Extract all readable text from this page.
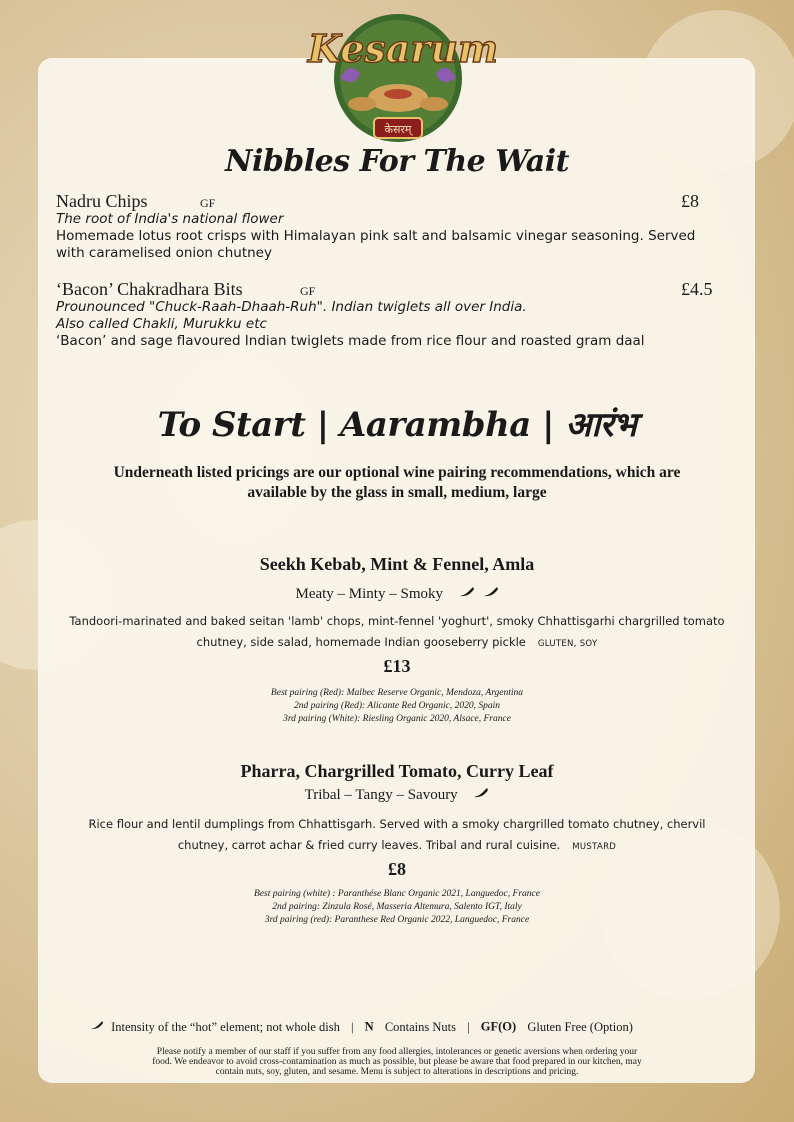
Kesarum
केसरम्
Nibbles For The Wait
Nadru Chips	GF	£8
The root of India's national flower
Homemade lotus root crisps with Himalayan pink salt and balsamic vinegar seasoning. Served
with caramelised onion chutney
‘Bacon’ Chakradhara Bits	GF	£4.5
Prounounced "Chuck-Raah-Dhaah-Ruh". Indian twiglets all over India.
Also called Chakli, Murukku etc
‘Bacon’ and sage flavoured Indian twiglets made from rice flour and roasted gram daal
To Start | Aarambha | आरंभ
Underneath listed pricings are our optional wine pairing recommendations, which are
available by the glass in small, medium, large
Seekh Kebab, Mint & Fennel, Amla
Meaty – Minty – Smoky
Tandoori-marinated and baked seitan 'lamb' chops, mint-fennel 'yoghurt', smoky Chhattisgarhi chargrilled tomato
chutney, side salad, homemade Indian gooseberry pickle GLUTEN, SOY
£13
Best pairing (Red): Malbec Reserve Organic, Mendoza, Argentina
2nd pairing (Red): Alicante Red Organic, 2020, Spain
3rd pairing (White): Riesling Organic 2020, Alsace, France
Pharra, Chargrilled Tomato, Curry Leaf
Tribal – Tangy – Savoury
Rice flour and lentil dumplings from Chhattisgarh. Served with a smoky chargrilled tomato chutney, chervil
chutney, carrot achar & fried curry leaves. Tribal and rural cuisine. MUSTARD
£8
Best pairing (white) : Paranthése Blanc Organic 2021, Languedoc, France
2nd pairing: Zinzula Rosé, Masseria Altemura, Salento IGT, Italy
3rd pairing (red): Paranthese Red Organic 2022, Languedoc, France
Intensity of the “hot” element; not whole dish | N Contains Nuts | GF(O) Gluten Free (Option)
Please notify a member of our staff if you suffer from any food allergies, intolerances or genetic aversions when ordering your
food. We endeavor to avoid cross-contamination as much as possible, but please be aware that food prepared in our kitchen, may
contain nuts, soy, gluten, and sesame. Menu is subject to alterations in descriptions and pricing.
